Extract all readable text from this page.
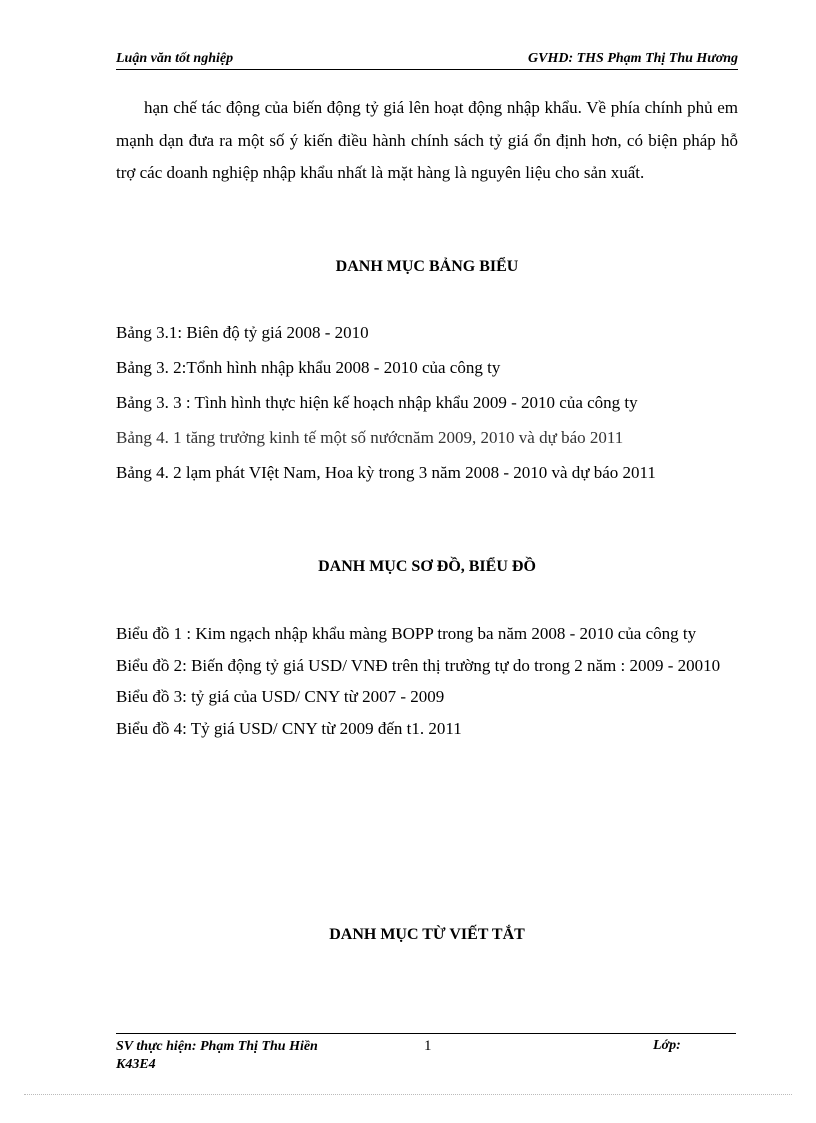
Luận văn tốt nghiệp	GVHD: THS Phạm Thị Thu Hương

hạn chế tác động của biến động tỷ giá lên hoạt động nhập khẩu. Về phía chính phủ em mạnh dạn đưa ra một số ý kiến điều hành chính sách tỷ giá ổn định hơn, có biện pháp hỗ trợ các doanh nghiệp nhập khẩu nhất là mặt hàng là nguyên liệu cho sản xuất.

DANH MỤC BẢNG BIỂU
Bảng 3.1: Biên độ tỷ giá 2008 - 2010
Bảng 3. 2:Tổnh hình nhập khẩu 2008 - 2010 của công ty
Bảng 3. 3 : Tình hình thực hiện kế hoạch nhập khẩu 2009 - 2010 của công ty
Bảng 4. 1 tăng trưởng kinh tế một số nướcnăm 2009, 2010 và dự báo 2011
Bảng 4. 2 lạm phát VIệt Nam, Hoa kỳ trong 3 năm 2008 - 2010 và dự báo 2011
DANH MỤC SƠ ĐỒ, BIỂU ĐỒ
Biểu đồ 1 : Kim ngạch nhập khẩu màng BOPP trong ba năm 2008 - 2010 của công ty
Biểu đồ 2: Biến động tỷ giá USD/ VNĐ trên thị trường tự do trong 2 năm : 2009 - 20010
Biểu đồ 3: tỷ giá của USD/ CNY từ 2007 - 2009
Biểu đồ 4: Tỷ giá USD/ CNY từ 2009 đến t1. 2011
DANH MỤC TỪ VIẾT TẮT
SV thực hiện: Phạm Thị Thu Hiền
K43E4
1	Lớp:
